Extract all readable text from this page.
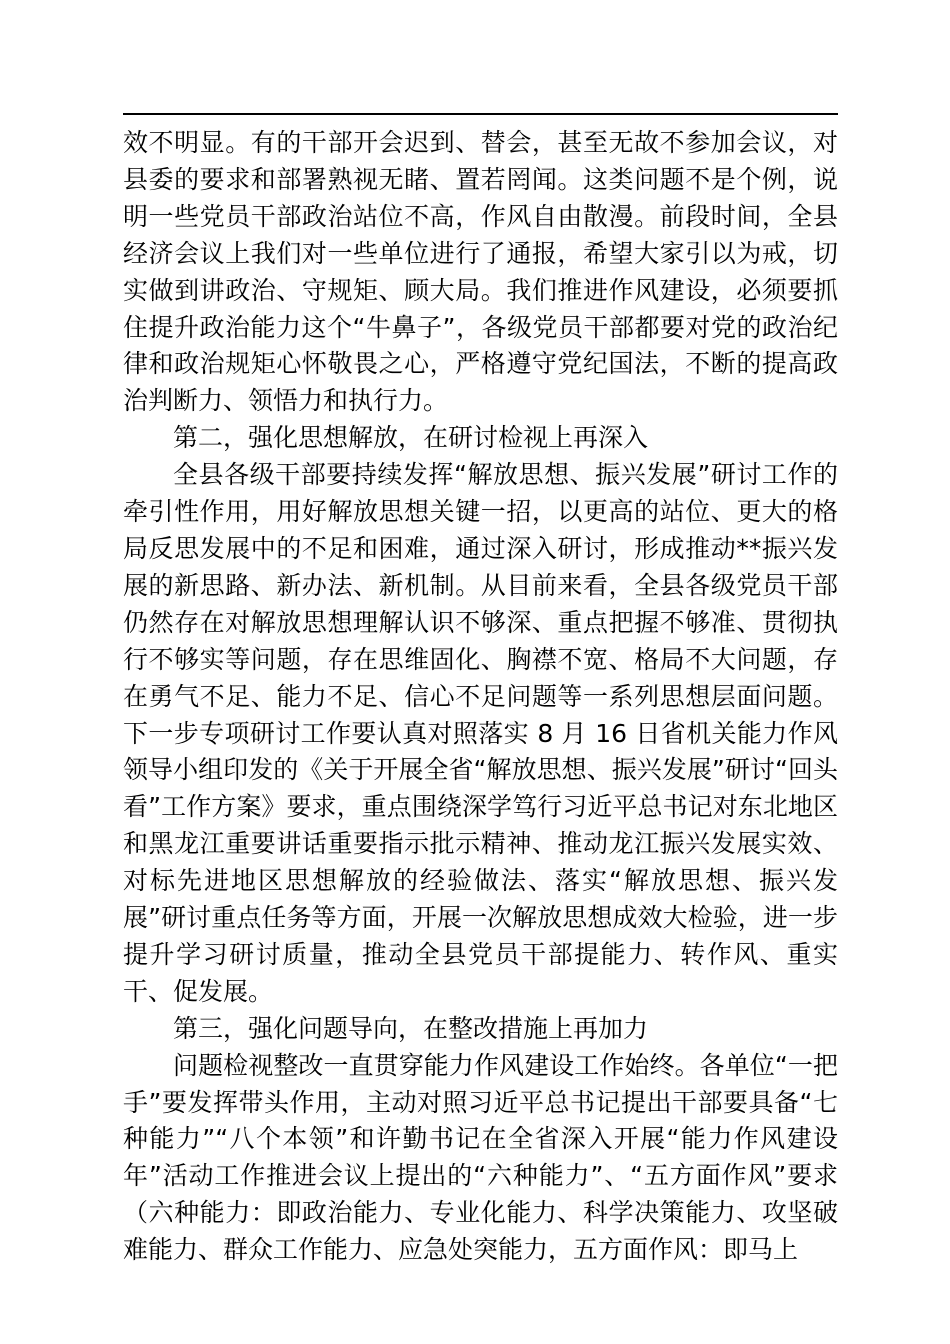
效不明显。有的干部开会迟到、替会，甚至无故不参加会议，对县委的要求和部署熟视无睹、置若罔闻。这类问题不是个例，说明一些党员干部政治站位不高，作风自由散漫。前段时间，全县经济会议上我们对一些单位进行了通报，希望大家引以为戒，切实做到讲政治、守规矩、顾大局。我们推进作风建设，必须要抓住提升政治能力这个“牛鼻子”，各级党员干部都要对党的政治纪律和政治规矩心怀敬畏之心，严格遵守党纪国法，不断的提高政治判断力、领悟力和执行力。

第二，强化思想解放，在研讨检视上再深入

全县各级干部要持续发挥“解放思想、振兴发展”研讨工作的牵引性作用，用好解放思想关键一招，以更高的站位、更大的格局反思发展中的不足和困难，通过深入研讨，形成推动**振兴发展的新思路、新办法、新机制。从目前来看，全县各级党员干部仍然存在对解放思想理解认识不够深、重点把握不够准、贯彻执行不够实等问题，存在思维固化、胸襟不宽、格局不大问题，存在勇气不足、能力不足、信心不足问题等一系列思想层面问题。下一步专项研讨工作要认真对照落实 8 月 16 日省机关能力作风领导小组印发的《关于开展全省“解放思想、振兴发展”研讨“回头看”工作方案》要求，重点围绕深学笃行习近平总书记对东北地区和黑龙江重要讲话重要指示批示精神、推动龙江振兴发展实效、对标先进地区思想解放的经验做法、落实“解放思想、振兴发展”研讨重点任务等方面，开展一次解放思想成效大检验，进一步提升学习研讨质量，推动全县党员干部提能力、转作风、重实干、促发展。

第三，强化问题导向，在整改措施上再加力

问题检视整改一直贯穿能力作风建设工作始终。各单位“一把手”要发挥带头作用，主动对照习近平总书记提出干部要具备“七种能力”“八个本领”和许勤书记在全省深入开展“能力作风建设年”活动工作推进会议上提出的“六种能力”、“五方面作风”要求（六种能力：即政治能力、专业化能力、科学决策能力、攻坚破难能力、群众工作能力、应急处突能力，五方面作风：即马上
